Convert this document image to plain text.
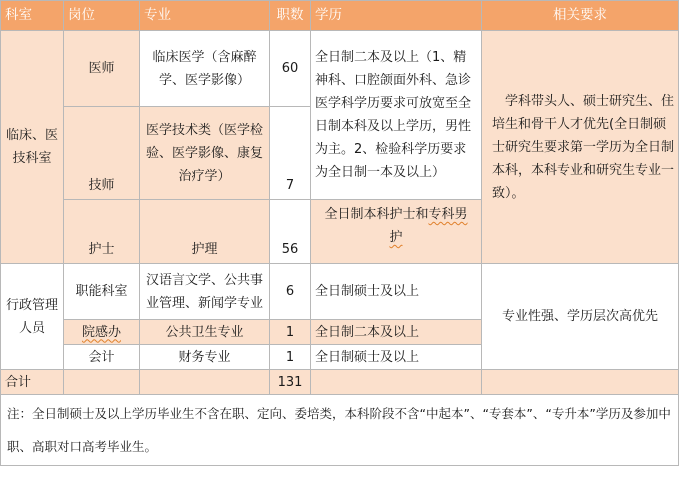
科室	岗位	专业	职数	学历	相关要求
临床、医技科室	医师	临床医学（含麻醉学、医学影像）	60	全日制二本及以上（1、精神科、口腔颌面外科、急诊医学科学历要求可放宽至全日制本科及以上学历，男性为主。2、检验科学历要求为全日制一本及以上）	学科带头人、硕士研究生、住培生和骨干人才优先(全日制硕士研究生要求第一学历为全日制本科，本科专业和研究生专业一致）。
	技师	医学技术类（医学检验、医学影像、康复治疗学）	7		
	护士	护理	56	全日制本科护士和专科男
护	
行政管理人员	职能科室	汉语言文学、公共事业管理、新闻学专业	6	全日制硕士及以上	专业性强、学历层次高优先
	院感办	公共卫生专业	1	全日制二本及以上	
	会计	财务专业	1	全日制硕士及以上	
合计			131		
注：全日制硕士及以上学历毕业生不含在职、定向、委培类，本科阶段不含“中起本”、“专套本”、“专升本”学历及参加中职、高职对口高考毕业生。					
